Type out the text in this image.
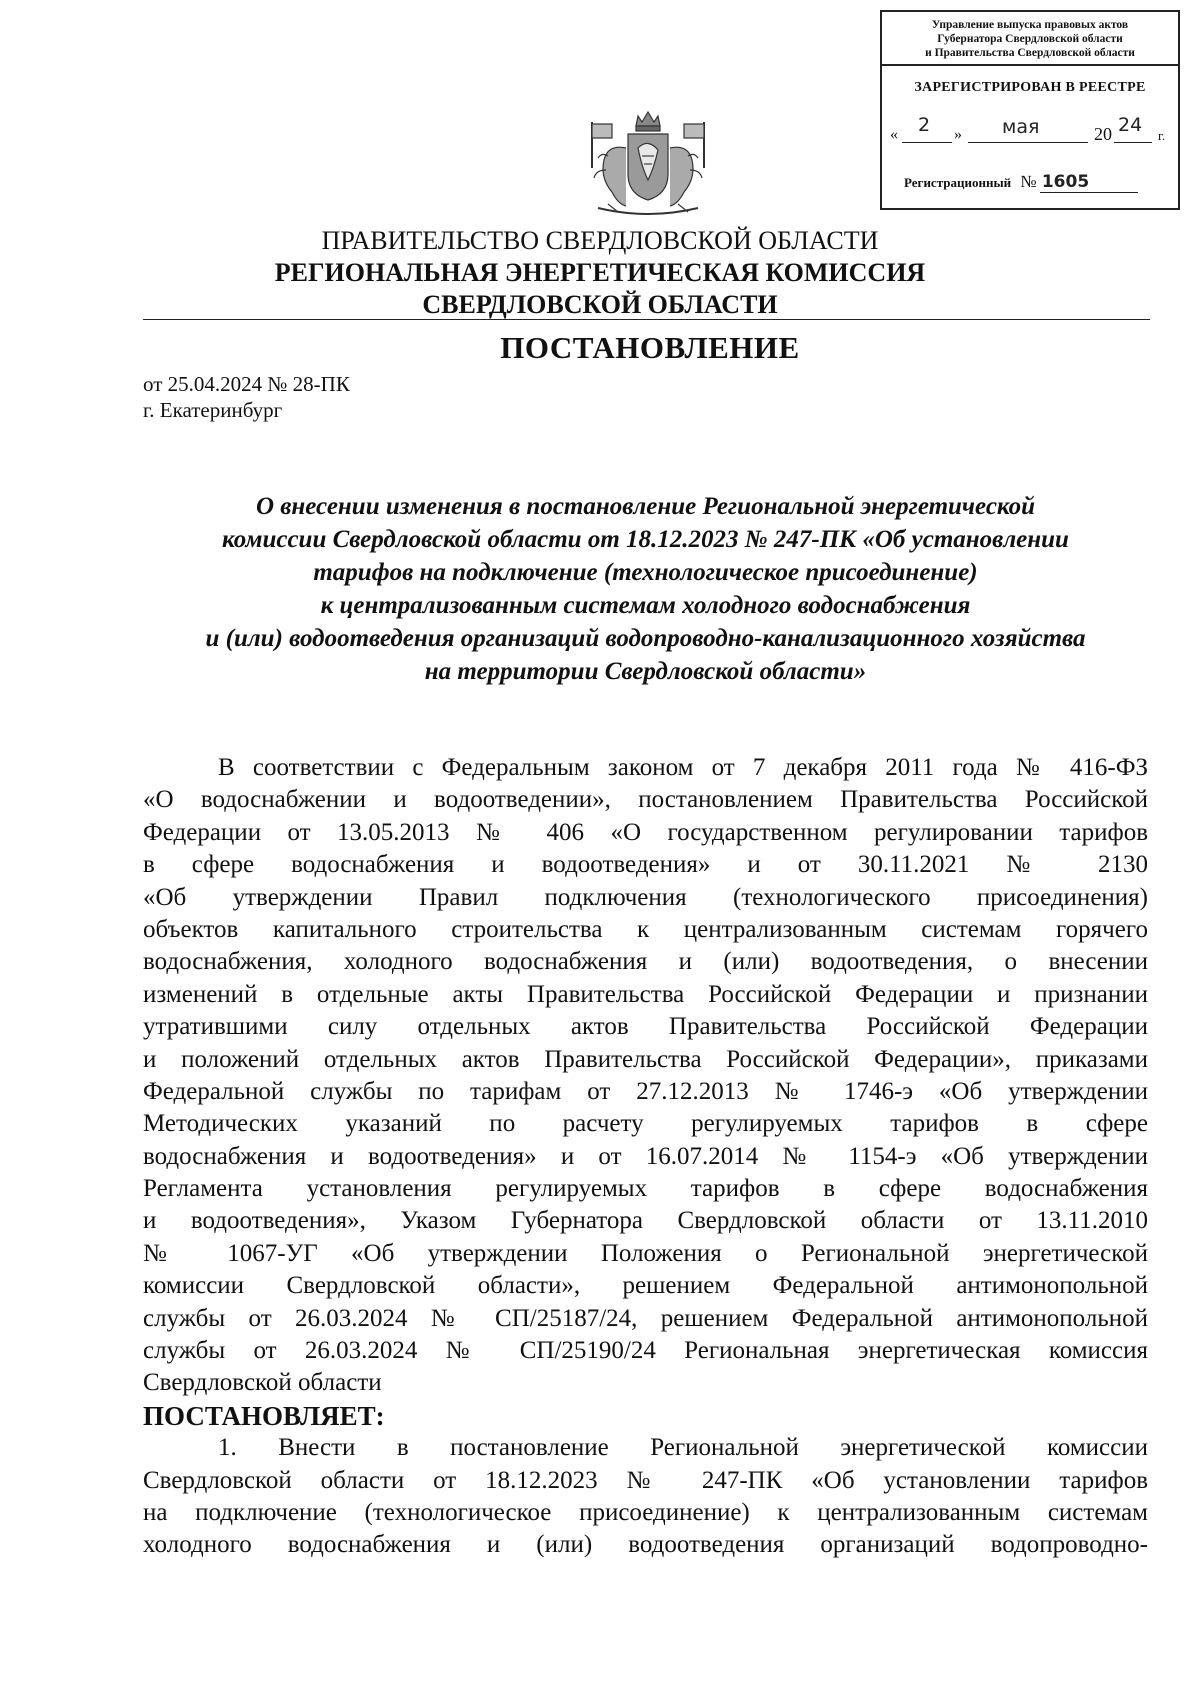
Управление выпуска правовых актов
Губернатора Свердловской области
и Правительства Свердловской области
ЗАРЕГИСТРИРОВАН В РЕЕСТРЕ
« 2 » мая	20 24 г.
Регистрационный № 1605
ПРАВИТЕЛЬСТВО СВЕРДЛОВСКОЙ ОБЛАСТИ
РЕГИОНАЛЬНАЯ ЭНЕРГЕТИЧЕСКАЯ КОМИССИЯ
СВЕРДЛОВСКОЙ ОБЛАСТИ
ПОСТАНОВЛЕНИЕ
от 25.04.2024 № 28-ПК
г. Екатеринбург
О внесении изменения в постановление Региональной энергетической
комиссии Свердловской области от 18.12.2023 № 247-ПК «Об установлении
тарифов на подключение (технологическое присоединение)
к централизованным системам холодного водоснабжения
и (или) водоотведения организаций водопроводно-канализационного хозяйства
на территории Свердловской области»
В соответствии с Федеральным законом от 7 декабря 2011 года № 416-ФЗ
«О водоснабжении и водоотведении», постановлением Правительства Российской
Федерации от 13.05.2013 № 406 «О государственном регулировании тарифов
в сфере водоснабжения и водоотведения» и от 30.11.2021 № 2130
«Об утверждении Правил подключения (технологического присоединения)
объектов капитального строительства к централизованным системам горячего
водоснабжения, холодного водоснабжения и (или) водоотведения, о внесении
изменений в отдельные акты Правительства Российской Федерации и признании
утратившими силу отдельных актов Правительства Российской Федерации
и положений отдельных актов Правительства Российской Федерации», приказами
Федеральной службы по тарифам от 27.12.2013 № 1746-э «Об утверждении
Методических указаний по расчету регулируемых тарифов в сфере
водоснабжения и водоотведения» и от 16.07.2014 № 1154-э «Об утверждении
Регламента установления регулируемых тарифов в сфере водоснабжения
и водоотведения», Указом Губернатора Свердловской области от 13.11.2010
№ 1067-УГ «Об утверждении Положения о Региональной энергетической
комиссии Свердловской области», решением Федеральной антимонопольной
службы от 26.03.2024 № СП/25187/24, решением Федеральной антимонопольной
службы от 26.03.2024 № СП/25190/24 Региональная энергетическая комиссия
Свердловской области
ПОСТАНОВЛЯЕТ:
1. Внести в постановление Региональной энергетической комиссии
Свердловской области от 18.12.2023 № 247-ПК «Об установлении тарифов
на подключение (технологическое присоединение) к централизованным системам
холодного водоснабжения и (или) водоотведения организаций водопроводно-
